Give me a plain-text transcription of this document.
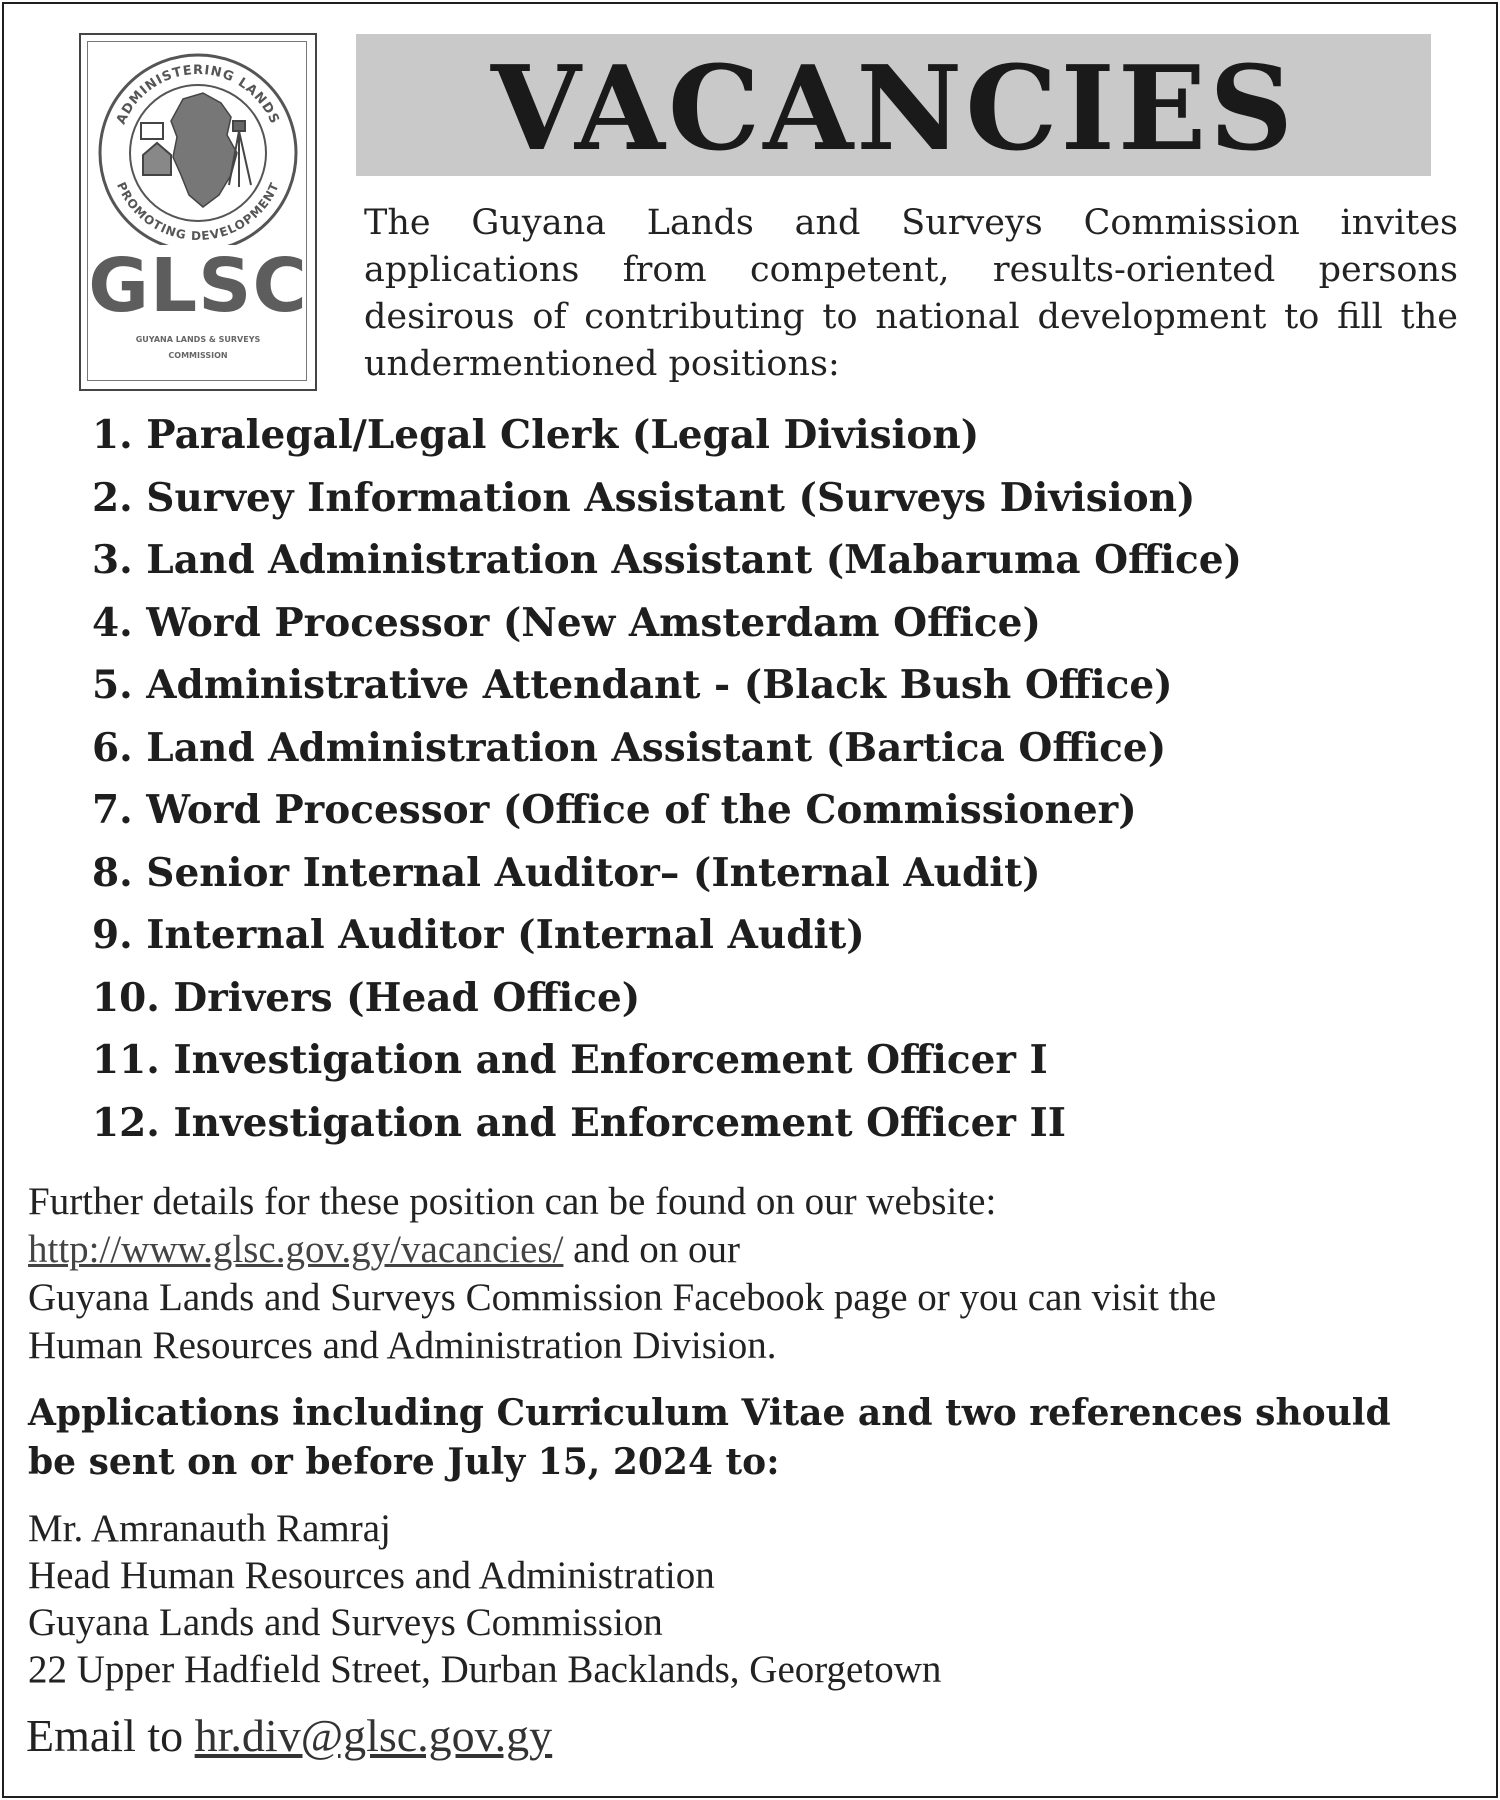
ADMINISTERING LANDS
PROMOTING DEVELOPMENT
GLSC
GUYANA LANDS & SURVEYS
COMMISSION
VACANCIES

The Guyana Lands and Surveys Commission invites applications from competent, results-oriented persons desirous of contributing to national development to fill the undermentioned positions:

1. Paralegal/Legal Clerk (Legal Division)
2. Survey Information Assistant (Surveys Division)
3. Land Administration Assistant (Mabaruma Office)
4. Word Processor (New Amsterdam Office)
5. Administrative Attendant - (Black Bush Office)
6. Land Administration Assistant (Bartica Office)
7. Word Processor (Office of the Commissioner)
8. Senior Internal Auditor– (Internal Audit)
9. Internal Auditor (Internal Audit)
10. Drivers (Head Office)
11. Investigation and Enforcement Officer I
12. Investigation and Enforcement Officer II
Further details for these position can be found on our website:
http://www.glsc.gov.gy/vacancies/ and on our
Guyana Lands and Surveys Commission Facebook page or you can visit the
Human Resources and Administration Division.
Applications including Curriculum Vitae and two references should
be sent on or before July 15, 2024 to:
Mr. Amranauth Ramraj
Head Human Resources and Administration
Guyana Lands and Surveys Commission
22 Upper Hadfield Street, Durban Backlands, Georgetown
Email to hr.div@glsc.gov.gy
